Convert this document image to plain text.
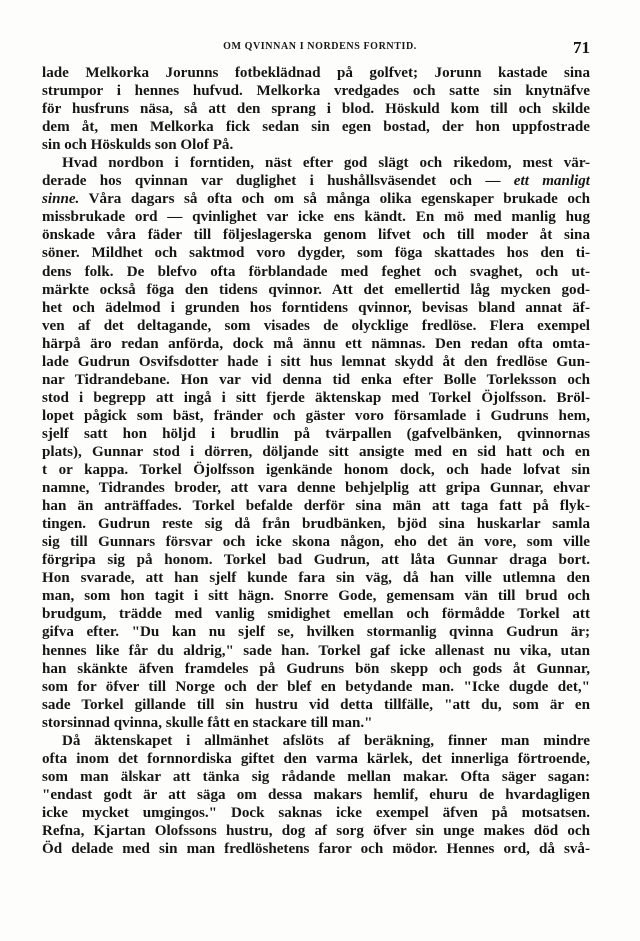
OM QVINNAN I NORDENS FORNTID.	71
lade Melkorka Jorunns fotbeklädnad på golfvet; Jorunn kastade sina
strumpor i hennes hufvud. Melkorka vredgades och satte sin knytnäfve
för husfruns näsa, så att den sprang i blod. Höskuld kom till och skilde
dem åt, men Melkorka fick sedan sin egen bostad, der hon uppfostrade
sin och Höskulds son Olof På.
Hvad nordbon i forntiden, näst efter god slägt och rikedom, mest vär-
derade hos qvinnan var duglighet i hushållsväsendet och — ett manligt
sinne. Våra dagars så ofta och om så många olika egenskaper brukade och
missbrukade ord — qvinlighet var icke ens kändt. En mö med manlig hug
önskade våra fäder till följeslagerska genom lifvet och till moder åt sina
söner. Mildhet och saktmod voro dygder, som föga skattades hos den ti-
dens folk. De blefvo ofta förblandade med feghet och svaghet, och ut-
märkte också föga den tidens qvinnor. Att det emellertid låg mycken god-
het och ädelmod i grunden hos forntidens qvinnor, bevisas bland annat äf-
ven af det deltagande, som visades de olycklige fredlöse. Flera exempel
härpå äro redan anförda, dock må ännu ett nämnas. Den redan ofta omta-
lade Gudrun Osvifsdotter hade i sitt hus lemnat skydd åt den fredlöse Gun-
nar Tidrandebane. Hon var vid denna tid enka efter Bolle Torleksson och
stod i begrepp att ingå i sitt fjerde äktenskap med Torkel Öjolfsson. Bröl-
lopet pågick som bäst, fränder och gäster voro församlade i Gudruns hem,
sjelf satt hon höljd i brudlin på tvärpallen (gafvelbänken, qvinnornas
plats), Gunnar stod i dörren, döljande sitt ansigte med en sid hatt och en
t or kappa. Torkel Öjolfsson igenkände honom dock, och hade lofvat sin
namne, Tidrandes broder, att vara denne behjelplig att gripa Gunnar, ehvar
han än anträffades. Torkel befalde derför sina män att taga fatt på flyk-
tingen. Gudrun reste sig då från brudbänken, bjöd sina huskarlar samla
sig till Gunnars försvar och icke skona någon, eho det än vore, som ville
förgripa sig på honom. Torkel bad Gudrun, att låta Gunnar draga bort.
Hon svarade, att han sjelf kunde fara sin väg, då han ville utlemna den
man, som hon tagit i sitt hägn. Snorre Gode, gemensam vän till brud och
brudgum, trädde med vanlig smidighet emellan och förmådde Torkel att
gifva efter. "Du kan nu sjelf se, hvilken stormanlig qvinna Gudrun är;
hennes like får du aldrig," sade han. Torkel gaf icke allenast nu vika, utan
han skänkte äfven framdeles på Gudruns bön skepp och gods åt Gunnar,
som for öfver till Norge och der blef en betydande man. "Icke dugde det,"
sade Torkel gillande till sin hustru vid detta tillfälle, "att du, som är en
storsinnad qvinna, skulle fått en stackare till man."
Då äktenskapet i allmänhet afslöts af beräkning, finner man mindre
ofta inom det fornnordiska giftet den varma kärlek, det innerliga förtroende,
som man älskar att tänka sig rådande mellan makar. Ofta säger sagan:
"endast godt är att säga om dessa makars hemlif, ehuru de hvardagligen
icke mycket umgingos." Dock saknas icke exempel äfven på motsatsen.
Refna, Kjartan Olofssons hustru, dog af sorg öfver sin unge makes död och
Öd delade med sin man fredlöshetens faror och mödor. Hennes ord, då svå-
